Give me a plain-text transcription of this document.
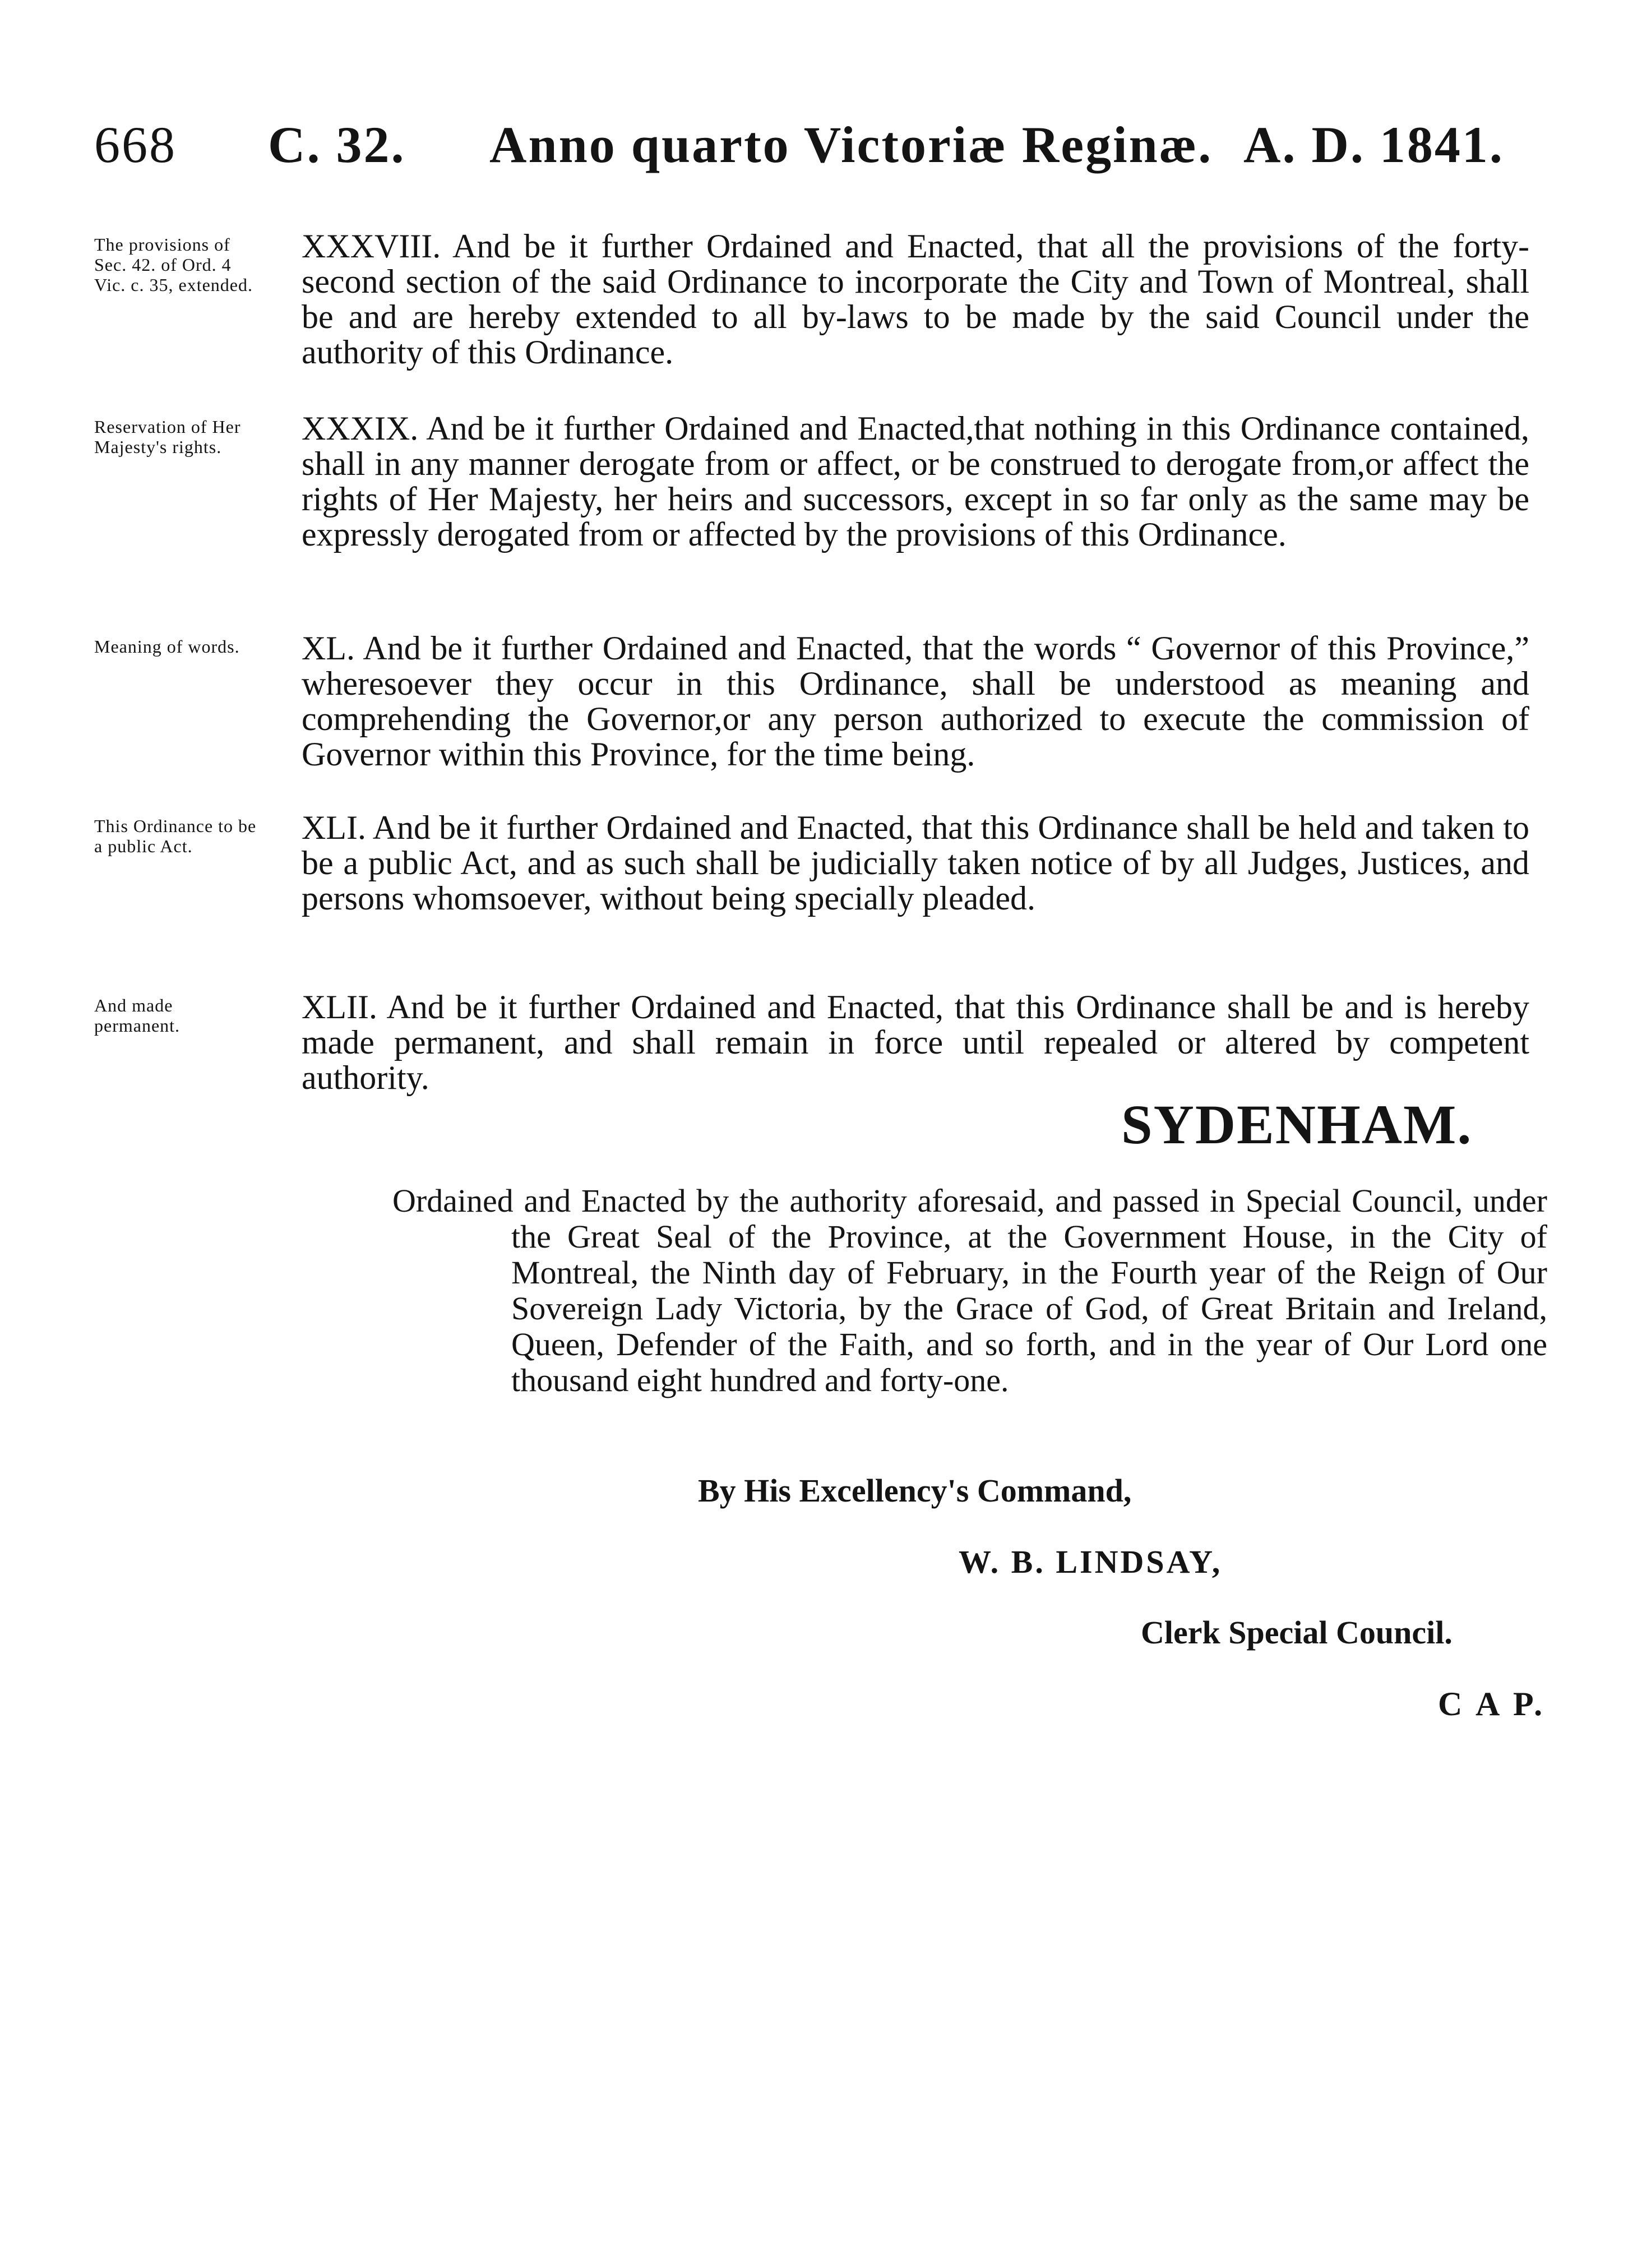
668 C. 32. Anno quarto Victoriæ Reginæ. A. D. 1841.
The provisions of Sec. 42. of Ord. 4 Vic. c. 35, extended.
XXXVIII. And be it further Ordained and Enacted, that all the provisions of the forty-second section of the said Ordinance to incorporate the City and Town of Montreal, shall be and are hereby extended to all by-laws to be made by the said Council under the authority of this Ordinance.
Reservation of Her Majesty's rights.	XXXIX. And be it further Ordained and Enacted,that nothing in this Ordinance contained, shall in any manner derogate from or affect, or be construed to derogate from,or affect the rights of Her Majesty, her heirs and successors, except in so far only as the same may be expressly derogated from or affected by the provisions of this Ordinance.
Meaning of words.	XL. And be it further Ordained and Enacted, that the words “ Governor of this Province,” wheresoever they occur in this Ordinance, shall be understood as meaning and comprehending the Governor,or any person authorized to execute the commission of Governor within this Province, for the time being.
This Ordinance to be a public Act.	XLI. And be it further Ordained and Enacted, that this Ordinance shall be held and taken to be a public Act, and as such shall be judicially taken notice of by all Judges, Justices, and persons whomsoever, without being specially pleaded.
And made permanent.	XLII. And be it further Ordained and Enacted, that this Ordinance shall be and is hereby made permanent, and shall remain in force until repealed or altered by competent authority.
SYDENHAM.
Ordained and Enacted by the authority aforesaid, and passed in Special Council, under the Great Seal of the Province, at the Government House, in the City of Montreal, the Ninth day of February, in the Fourth year of the Reign of Our Sovereign Lady Victoria, by the Grace of God, of Great Britain and Ireland, Queen, Defender of the Faith, and so forth, and in the year of Our Lord one thousand eight hundred and forty-one.
By His Excellency's Command,
W. B. LINDSAY,
Clerk Special Council.
C A P.
